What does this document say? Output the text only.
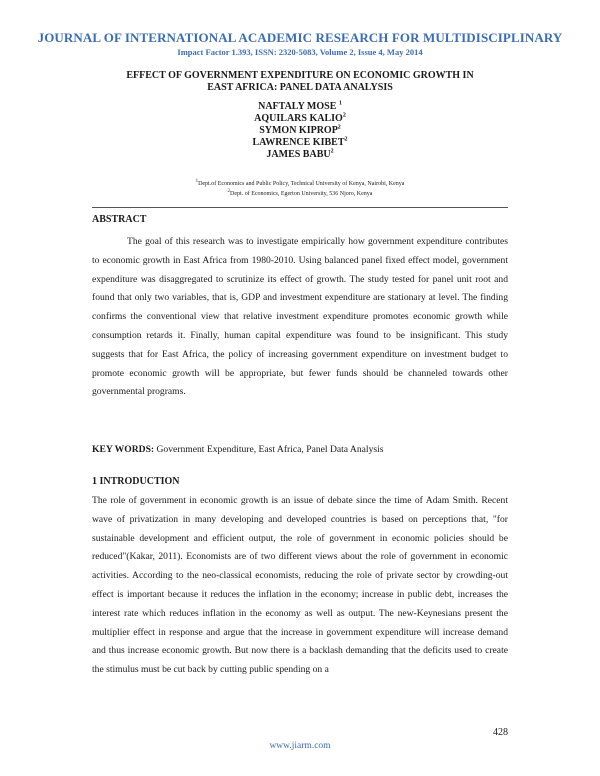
JOURNAL OF INTERNATIONAL ACADEMIC RESEARCH FOR MULTIDISCIPLINARY
Impact Factor 1.393, ISSN: 2320-5083, Volume 2, Issue 4, May 2014
EFFECT OF GOVERNMENT EXPENDITURE ON ECONOMIC GROWTH IN
EAST AFRICA: PANEL DATA ANALYSIS
NAFTALY MOSE $^1$
AQUILARS KALIO$^2$
SYMON KIPROP$^2$
LAWRENCE KIBET$^2$
JAMES BABU$^2$
$^1$Dept.of Economics and Public Policy, Technical University of Kenya, Nairobi, Kenya
$^2$Dept. of Economics, Egerton University, 536 Njoro, Kenya
ABSTRACT

The goal of this research was to investigate empirically how government expenditure contributes to economic growth in East Africa from 1980-2010. Using balanced panel fixed effect model, government expenditure was disaggregated to scrutinize its effect of growth. The study tested for panel unit root and found that only two variables, that is, GDP and investment expenditure are stationary at level. The finding confirms the conventional view that relative investment expenditure promotes economic growth while consumption retards it. Finally, human capital expenditure was found to be insignificant. This study suggests that for East Africa, the policy of increasing government expenditure on investment budget to promote economic growth will be appropriate, but fewer funds should be channeled towards other governmental programs.

KEY WORDS: Government Expenditure, East Africa, Panel Data Analysis
1 INTRODUCTION

The role of government in economic growth is an issue of debate since the time of Adam Smith. Recent wave of privatization in many developing and developed countries is based on perceptions that, "for sustainable development and efficient output, the role of government in economic policies should be reduced"(Kakar, 2011). Economists are of two different views about the role of government in economic activities. According to the neo-classical economists, reducing the role of private sector by crowding-out effect is important because it reduces the inflation in the economy; increase in public debt, increases the interest rate which reduces inflation in the economy as well as output. The new-Keynesians present the multiplier effect in response and argue that the increase in government expenditure will increase demand and thus increase economic growth. But now there is a backlash demanding that the deficits used to create the stimulus must be cut back by cutting public spending on a

428
www.jiarm.com
